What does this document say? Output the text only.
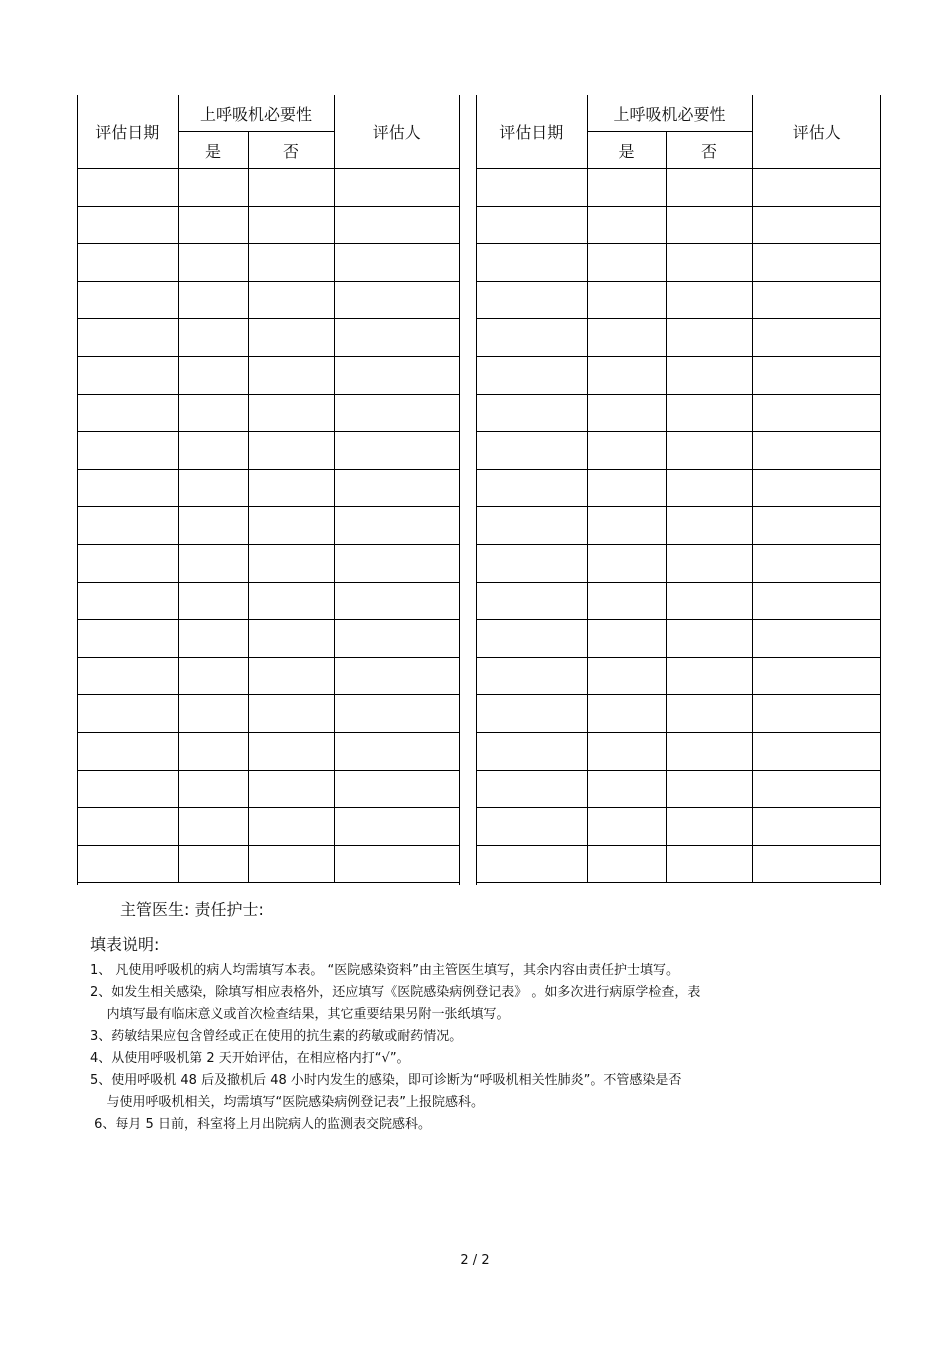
评估日期	上呼吸机必要性		评估人
	是	否	

评估日期	上呼吸机必要性		评估人
	是	否	

主管医生: 责任护士:
填表说明:
1、 凡使用呼吸机的病人均需填写本表。 “医院感染资料”由主管医生填写，其余内容由责任护士填写。
2、如发生相关感染，除填写相应表格外，还应填写《医院感染病例登记表》 。如多次进行病原学检查，表
内填写最有临床意义或首次检查结果，其它重要结果另附一张纸填写。
3、药敏结果应包含曾经或正在使用的抗生素的药敏或耐药情况。
4、从使用呼吸机第 2 天开始评估，在相应格内打“√”。
5、使用呼吸机 48 后及撤机后 48 小时内发生的感染，即可诊断为“呼吸机相关性肺炎”。不管感染是否
与使用呼吸机相关，均需填写“医院感染病例登记表”上报院感科。
6、每月 5 日前，科室将上月出院病人的监测表交院感科。
2 / 2
